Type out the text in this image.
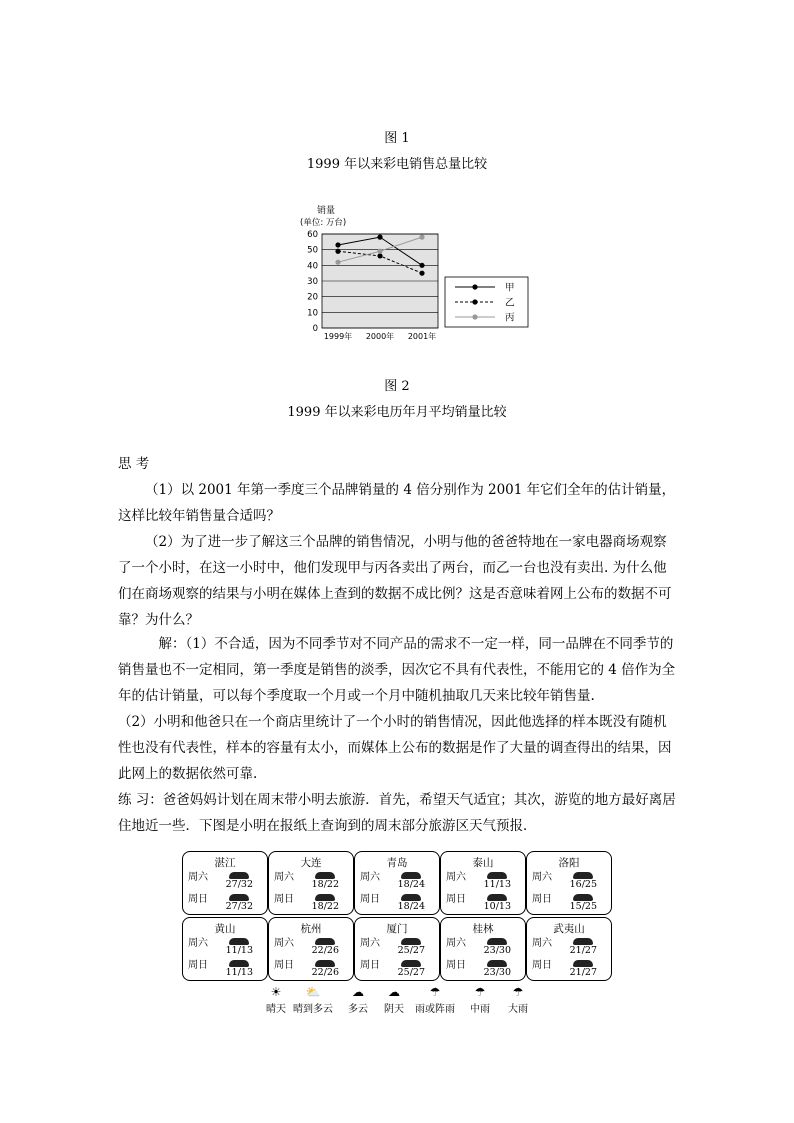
图 1
1999 年以来彩电销售总量比较
销量
(单位: 万台)
0
10
20
30
40
50
60
1999年 2000年 2001年
甲
乙
丙
图 2
1999 年以来彩电历年月平均销量比较
思 考
（1）以 2001 年第一季度三个品牌销量的 4 倍分别作为 2001 年它们全年的估计销量，这样比较年销售量合适吗？
（2）为了进一步了解这三个品牌的销售情况，小明与他的爸爸特地在一家电器商场观察了一个小时，在这一小时中，他们发现甲与丙各卖出了两台，而乙一台也没有卖出. 为什么他们在商场观察的结果与小明在媒体上查到的数据不成比例？这是否意味着网上公布的数据不可靠？为什么？
解：（1）不合适，因为不同季节对不同产品的需求不一定一样，同一品牌在不同季节的销售量也不一定相同，第一季度是销售的淡季，因次它不具有代表性，不能用它的 4 倍作为全年的估计销量，可以每个季度取一个月或一个月中随机抽取几天来比较年销售量.
（2）小明和他爸只在一个商店里统计了一个小时的销售情况，因此他选择的样本既没有随机性也没有代表性，样本的容量有太小，而媒体上公布的数据是作了大量的调查得出的结果，因此网上的数据依然可靠.
练 习：爸爸妈妈计划在周末带小明去旅游．首先，希望天气适宜；其次，游览的地方最好离居住地近一些．下图是小明在报纸上查询到的周末部分旅游区天气预报．
湛江
周六
27/32
周日
27/32
大连
周六
18/22
周日
18/22
青岛
周六
18/24
周日
18/24
泰山
周六
11/13
周日
10/13
洛阳
周六
16/25
周日
15/25
黄山
周六
11/13
周日
11/13
杭州
周六
22/26
周日
22/26
厦门
周六
25/27
周日
25/27
桂林
周六
23/30
周日
23/30
武夷山
周六
21/27
周日
21/27
☀
晴天
⛅
晴到多云
☁
多云
☁
阴天
☂
雨或阵雨
☂
中雨
☂
大雨
